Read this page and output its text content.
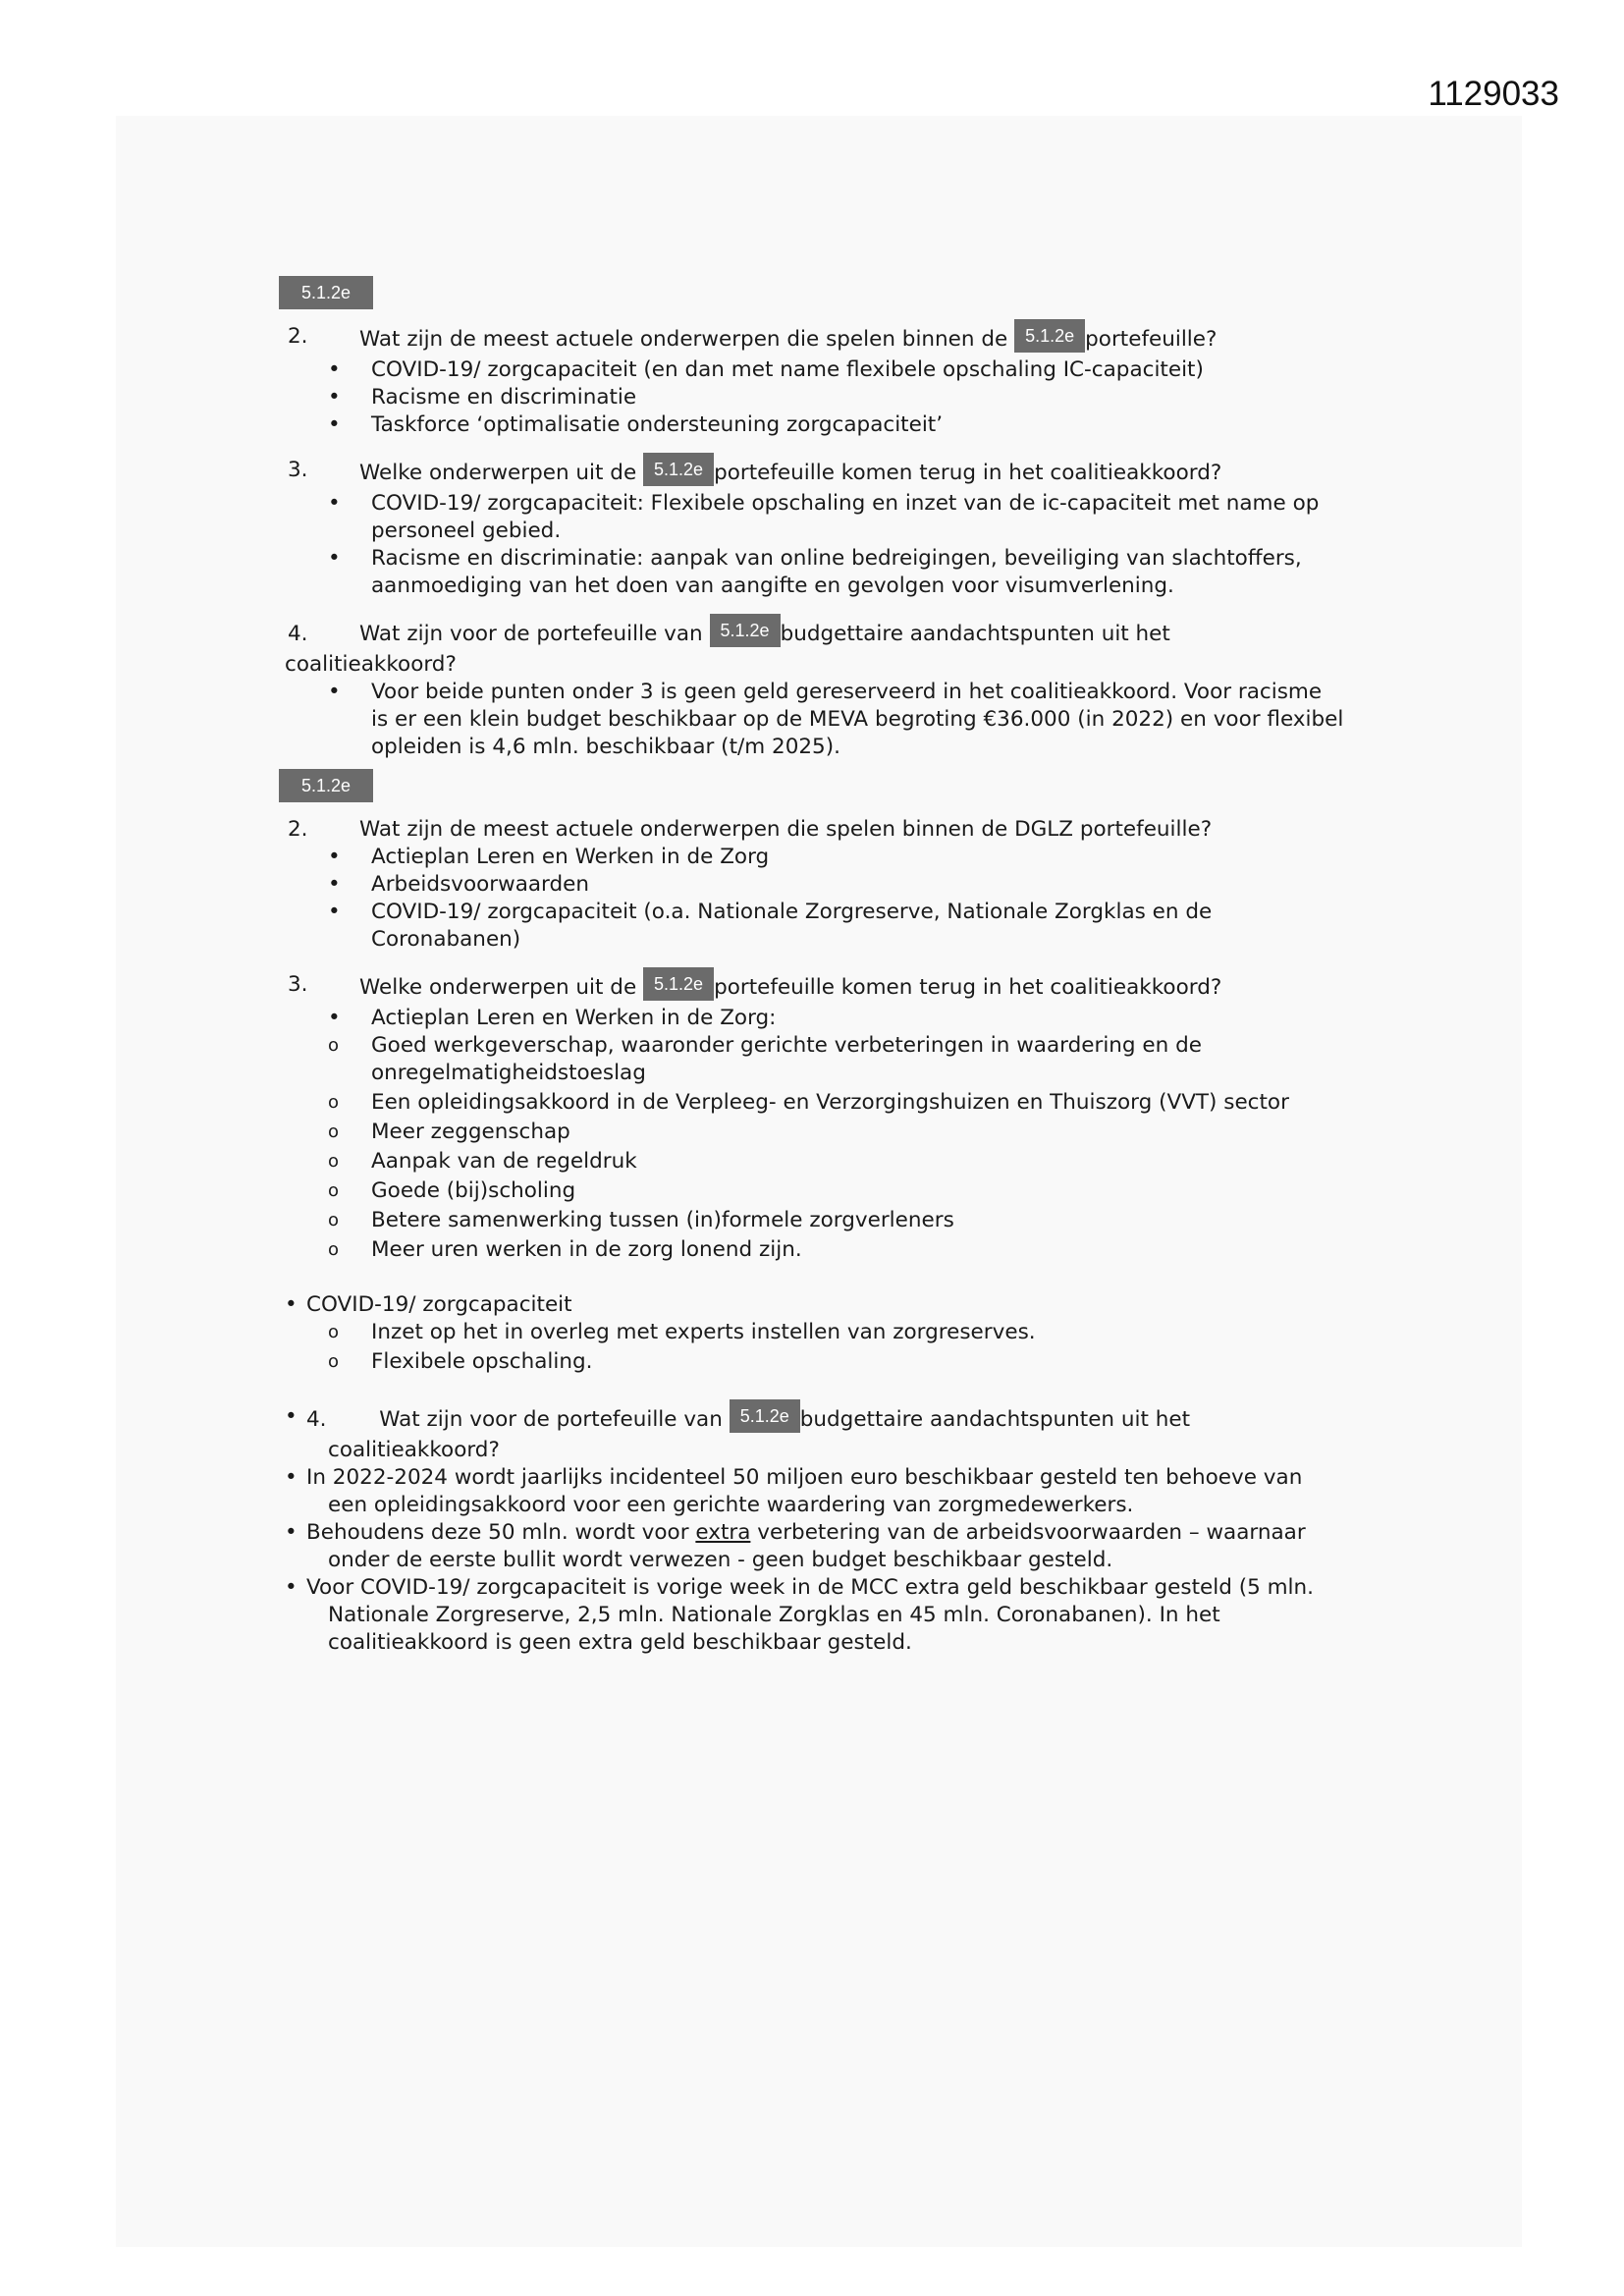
1129033
5.1.2e
2. Wat zijn de meest actuele onderwerpen die spelen binnen de 5.1.2e portefeuille?
• COVID-19/ zorgcapaciteit (en dan met name flexibele opschaling IC-capaciteit)
• Racisme en discriminatie
• Taskforce ‘optimalisatie ondersteuning zorgcapaciteit’
3. Welke onderwerpen uit de 5.1.2e portefeuille komen terug in het coalitieakkoord?
• COVID-19/ zorgcapaciteit: Flexibele opschaling en inzet van de ic-capaciteit met name op personeel gebied.
• Racisme en discriminatie: aanpak van online bedreigingen, beveiliging van slachtoffers, aanmoediging van het doen van aangifte en gevolgen voor visumverlening.
4. Wat zijn voor de portefeuille van 5.1.2e budgettaire aandachtspunten uit het coalitieakkoord?
• Voor beide punten onder 3 is geen geld gereserveerd in het coalitieakkoord. Voor racisme is er een klein budget beschikbaar op de MEVA begroting €36.000 (in 2022) en voor flexibel opleiden is 4,6 mln. beschikbaar (t/m 2025).
5.1.2e
2. Wat zijn de meest actuele onderwerpen die spelen binnen de DGLZ portefeuille?
• Actieplan Leren en Werken in de Zorg
• Arbeidsvoorwaarden
• COVID-19/ zorgcapaciteit (o.a. Nationale Zorgreserve, Nationale Zorgklas en de Coronabanen)
3. Welke onderwerpen uit de 5.1.2e portefeuille komen terug in het coalitieakkoord?
• Actieplan Leren en Werken in de Zorg:
o Goed werkgeverschap, waaronder gerichte verbeteringen in waardering en de onregelmatigheidstoeslag
o Een opleidingsakkoord in de Verpleeg- en Verzorgingshuizen en Thuiszorg (VVT) sector
o Meer zeggenschap
o Aanpak van de regeldruk
o Goede (bij)scholing
o Betere samenwerking tussen (in)formele zorgverleners
o Meer uren werken in de zorg lonend zijn.
• COVID-19/ zorgcapaciteit
o Inzet op het in overleg met experts instellen van zorgreserves.
o Flexibele opschaling.
• 4. Wat zijn voor de portefeuille van 5.1.2e budgettaire aandachtspunten uit het
coalitieakkoord?
• In 2022-2024 wordt jaarlijks incidenteel 50 miljoen euro beschikbaar gesteld ten behoeve van
een opleidingsakkoord voor een gerichte waardering van zorgmedewerkers.
• Behoudens deze 50 mln. wordt voor extra verbetering van de arbeidsvoorwaarden – waarnaar
onder de eerste bullit wordt verwezen - geen budget beschikbaar gesteld.
• Voor COVID-19/ zorgcapaciteit is vorige week in de MCC extra geld beschikbaar gesteld (5 mln.
Nationale Zorgreserve, 2,5 mln. Nationale Zorgklas en 45 mln. Coronabanen). In het
coalitieakkoord is geen extra geld beschikbaar gesteld.
